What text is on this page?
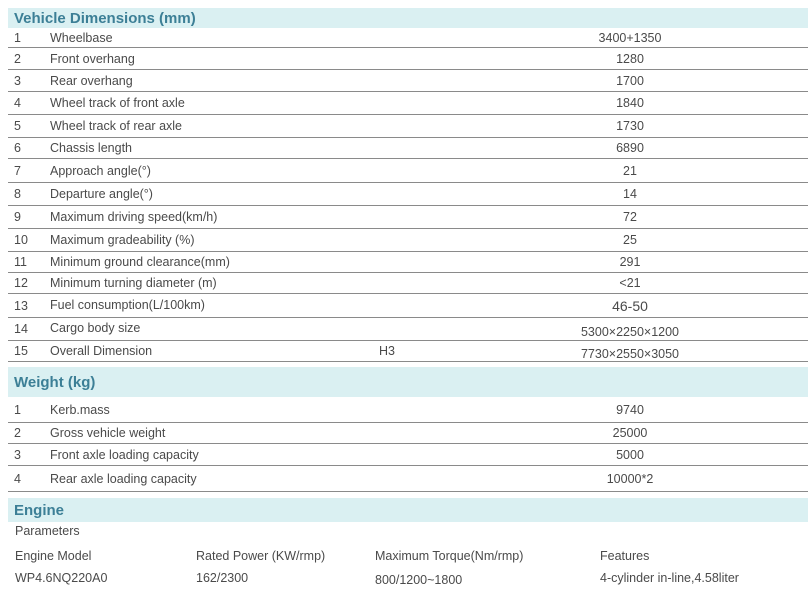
Vehicle Dimensions (mm)
1 Wheelbase	3400+1350
2 Front overhang	1280
3 Rear overhang	1700
4 Wheel track of front axle	1840
5 Wheel track of rear axle	1730
6 Chassis length	6890
7 Approach angle(°)	21
8 Departure angle(°)	14
9 Maximum driving speed(km/h)	72
10 Maximum gradeability (%)	25
11 Minimum ground clearance(mm)	291
12 Minimum turning diameter (m)	<21
13 Fuel consumption(L/100km)	46-50
14 Cargo body size	5300×2250×1200
15 Overall Dimension	H3	7730×2550×3050
Weight (kg)
1 Kerb.mass	9740
2 Gross vehicle weight	25000
3 Front axle loading capacity	5000
4 Rear axle loading capacity	10000*2
Engine
Parameters
Engine Model	Rated Power (KW/rmp)	Maximum Torque(Nm/rmp)	Features
WP4.6NQ220A0	162/2300	800/1200~1800	4-cylinder in-line,4.58liter
